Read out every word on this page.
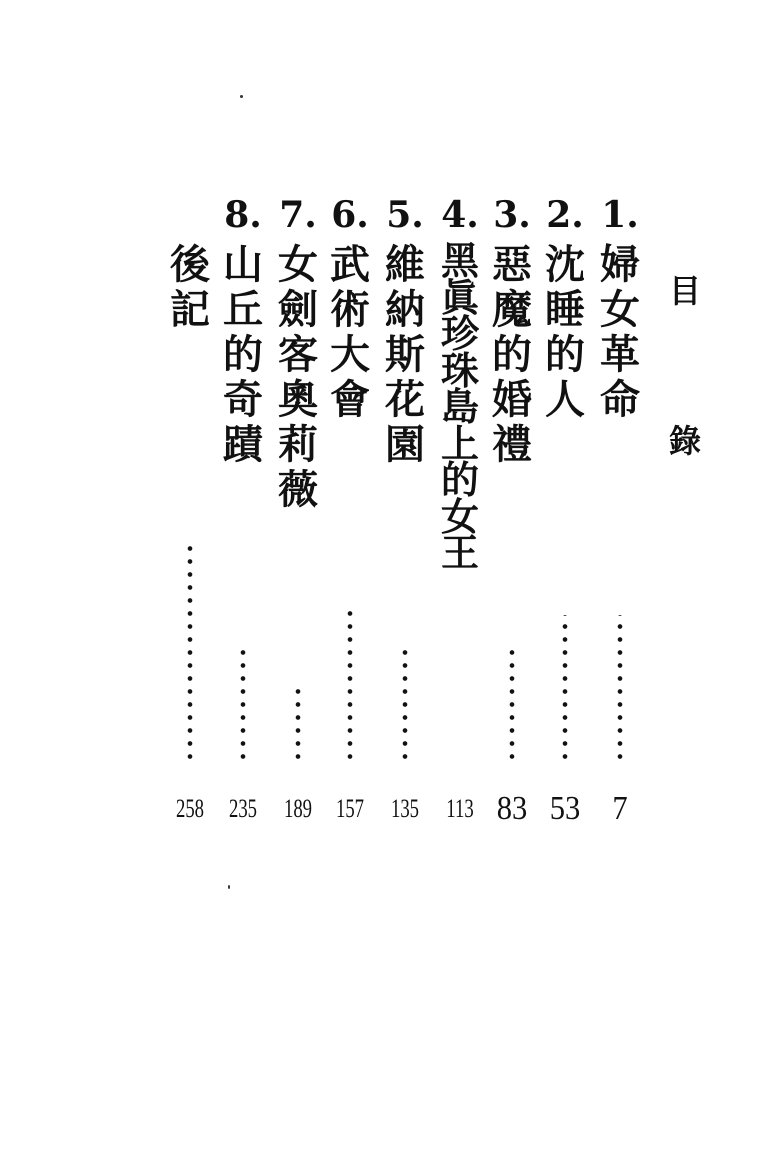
目
錄
1.
婦女革命
7
2.
沈睡的人
53
3.
惡魔的婚禮
83
4.
黑眞珍珠島上的女王
113
5.
維納斯花園
135
6.
武術大會
157
7.
女劍客奧莉薇
189
8.
山丘的奇蹟
235
後記
258
